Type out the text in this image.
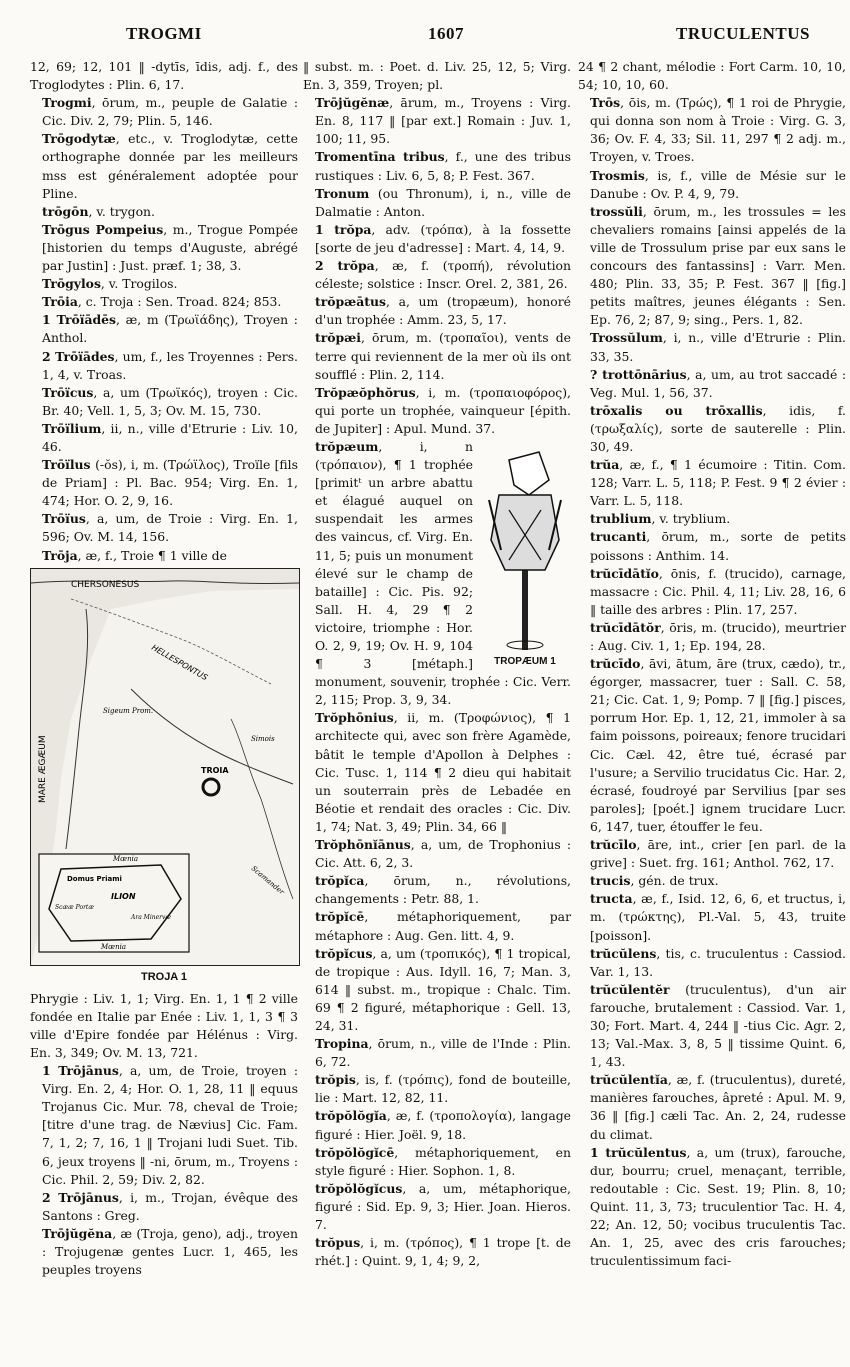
TROGMI	1607	TRUCULENTUS

12, 69; 12, 101 ‖ -dytīs, īdis, adj. f., des Troglodytes : Plin. 6, 17.

Trogmi, ōrum, m., peuple de Galatie : Cic. Div. 2, 79; Plin. 5, 146.

Trōgodytæ, etc., v. Troglodytæ, cette orthographe donnée par les meilleurs mss est généralement adoptée pour Pline.

trōgōn, v. trygon.

Trōgus Pompeius, m., Trogue Pompée [historien du temps d'Auguste, abrégé par Justin] : Just. præf. 1; 38, 3.

Trōgylos, v. Trogilos.

Trōia, c. Troja : Sen. Troad. 824; 853.

1 Trōïādēs, æ, m (Τρωϊάδης), Troyen : Anthol.

2 Trōïādes, um, f., les Troyennes : Pers. 1, 4, v. Troas.

Trōïcus, a, um (Τρωϊκός), troyen : Cic. Br. 40; Vell. 1, 5, 3; Ov. M. 15, 730.

Trōïlium, ii, n., ville d'Etrurie : Liv. 10, 46.

Trōïlus (-ŏs), i, m. (Τρώϊλος), Troïle [fils de Priam] : Pl. Bac. 954; Virg. En. 1, 474; Hor. O. 2, 9, 16.

Trōïus, a, um, de Troie : Virg. En. 1, 596; Ov. M. 14, 156.

Trōja, æ, f., Troie ¶ 1 ville de

CHERSONESUS
HELLESPONTUS
MARE ÆGÆUM
Sigeum Prom.
Simois
TROIA
Scamander
Mœnia
Domus Priami
ILION
Scææ Portæ
Ara Minervæ
Mœnia
TROJA 1

Phrygie : Liv. 1, 1; Virg. En. 1, 1 ¶ 2 ville fondée en Italie par Enée : Liv. 1, 1, 3 ¶ 3 ville d'Epire fondée par Hélénus : Virg. En. 3, 349; Ov. M. 13, 721.

1 Trōjānus, a, um, de Troie, troyen : Virg. En. 2, 4; Hor. O. 1, 28, 11 ‖ equus Trojanus Cic. Mur. 78, cheval de Troie; [titre d'une trag. de Nævius] Cic. Fam. 7, 1, 2; 7, 16, 1 ‖ Trojani ludi Suet. Tib. 6, jeux troyens ‖ -ni, ōrum, m., Troyens : Cic. Phil. 2, 59; Div. 2, 82.

2 Trōjānus, i, m., Trojan, évêque des Santons : Greg.

Trōjŭgĕna, æ (Troja, geno), adj., troyen : Trojugenæ gentes Lucr. 1, 465, les peuples troyens

‖ subst. m. : Poet. d. Liv. 25, 12, 5; Virg. En. 3, 359, Troyen; pl.

Trōjŭgĕnæ, ārum, m., Troyens : Virg. En. 8, 117 ‖ [par ext.] Romain : Juv. 1, 100; 11, 95.

Tromentīna tribus, f., une des tribus rustiques : Liv. 6, 5, 8; P. Fest. 367.

Tronum (ou Thronum), i, n., ville de Dalmatie : Anton.

1 trŏpa, adv. (τρόπα), à la fossette [sorte de jeu d'adresse] : Mart. 4, 14, 9.

2 trŏpa, æ, f. (τροπή), révolution céleste; solstice : Inscr. Orel. 2, 381, 26.

trŏpæātus, a, um (tropæum), honoré d'un trophée : Amm. 23, 5, 17.

trŏpæi, ōrum, m. (τροπαῖοι), vents de terre qui reviennent de la mer où ils ont soufflé : Plin. 2, 114.

Trŏpæŏphŏrus, i, m. (τροπαιοφόρος), qui porte un trophée, vainqueur [épith. de Jupiter] : Apul. Mund. 37.

TROPÆUM 1

trŏpæum, i, n (τρόπαιον), ¶ 1 trophée [primitᵗ un arbre abattu et élagué auquel on suspendait les armes des vaincus, cf. Virg. En. 11, 5; puis un monument élevé sur le champ de bataille] : Cic. Pis. 92; Sall. H. 4, 29 ¶ 2 victoire, triomphe : Hor. O. 2, 9, 19; Ov. H. 9, 104 ¶ 3 [métaph.] monument, souvenir, trophée : Cic. Verr. 2, 115; Prop. 3, 9, 34.

Trŏphōnius, ii, m. (Τροφώνιος), ¶ 1 architecte qui, avec son frère Agamède, bâtit le temple d'Apollon à Delphes : Cic. Tusc. 1, 114 ¶ 2 dieu qui habitait un souterrain près de Lebadée en Béotie et rendait des oracles : Cic. Div. 1, 74; Nat. 3, 49; Plin. 34, 66 ‖

Trŏphōnĭānus, a, um, de Trophonius : Cic. Att. 6, 2, 3.

trŏpĭca, ōrum, n., révolutions, changements : Petr. 88, 1.

trŏpĭcē, métaphoriquement, par métaphore : Aug. Gen. litt. 4, 9.

trŏpĭcus, a, um (τροπικός), ¶ 1 tropical, de tropique : Aus. Idyll. 16, 7; Man. 3, 614 ‖ subst. m., tropique : Chalc. Tim. 69 ¶ 2 figuré, métaphorique : Gell. 13, 24, 31.

Tropina, ōrum, n., ville de l'Inde : Plin. 6, 72.

trŏpis, is, f. (τρόπις), fond de bouteille, lie : Mart. 12, 82, 11.

trŏpŏlŏgĭa, æ, f. (τροπολογία), langage figuré : Hier. Joël. 9, 18.

trŏpŏlŏgĭcē, métaphoriquement, en style figuré : Hier. Sophon. 1, 8.

trŏpŏlŏgĭcus, a, um, métaphorique, figuré : Sid. Ep. 9, 3; Hier. Joan. Hieros. 7.

trŏpus, i, m. (τρόπος), ¶ 1 trope [t. de rhét.] : Quint. 9, 1, 4; 9, 2,

24 ¶ 2 chant, mélodie : Fort Carm. 10, 10, 54; 10, 10, 60.

Trōs, ōis, m. (Τρώς), ¶ 1 roi de Phrygie, qui donna son nom à Troie : Virg. G. 3, 36; Ov. F. 4, 33; Sil. 11, 297 ¶ 2 adj. m., Troyen, v. Troes.

Trosmis, is, f., ville de Mésie sur le Danube : Ov. P. 4, 9, 79.

trossŭli, ōrum, m., les trossules = les chevaliers romains [ainsi appelés de la ville de Trossulum prise par eux sans le concours des fantassins] : Varr. Men. 480; Plin. 33, 35; P. Fest. 367 ‖ [fig.] petits maîtres, jeunes élégants : Sen. Ep. 76, 2; 87, 9; sing., Pers. 1, 82.

Trossŭlum, i, n., ville d'Etrurie : Plin. 33, 35.

? trottōnārius, a, um, au trot saccadé : Veg. Mul. 1, 56, 37.

trōxalis ou trōxallis, idis, f. (τρωξαλίς), sorte de sauterelle : Plin. 30, 49.

trŭa, æ, f., ¶ 1 écumoire : Titin. Com. 128; Varr. L. 5, 118; P. Fest. 9 ¶ 2 évier : Varr. L. 5, 118.

trublium, v. tryblium.

trucanti, ōrum, m., sorte de petits poissons : Anthim. 14.

trŭcīdātĭo, ōnis, f. (trucido), carnage, massacre : Cic. Phil. 4, 11; Liv. 28, 16, 6 ‖ taille des arbres : Plin. 17, 257.

trŭcīdātŏr, ōris, m. (trucido), meurtrier : Aug. Civ. 1, 1; Ep. 194, 28.

trŭcīdo, āvi, ātum, āre (trux, cædo), tr., égorger, massacrer, tuer : Sall. C. 58, 21; Cic. Cat. 1, 9; Pomp. 7 ‖ [fig.] pisces, porrum Hor. Ep. 1, 12, 21, immoler à sa faim poissons, poireaux; fenore trucidari Cic. Cæl. 42, être tué, écrasé par l'usure; a Servilio trucidatus Cic. Har. 2, écrasé, foudroyé par Servilius [par ses paroles]; [poét.] ignem trucidare Lucr. 6, 147, tuer, étouffer le feu.

trŭcīlo, āre, int., crier [en parl. de la grive] : Suet. frg. 161; Anthol. 762, 17.

trucis, gén. de trux.

tructa, æ, f., Isid. 12, 6, 6, et tructus, i, m. (τρώκτης), Pl.-Val. 5, 43, truite [poisson].

trŭcŭlens, tis, c. truculentus : Cassiod. Var. 1, 13.

trŭcŭlentĕr (truculentus), d'un air farouche, brutalement : Cassiod. Var. 1, 30; Fort. Mart. 4, 244 ‖ -tius Cic. Agr. 2, 13; Val.-Max. 3, 8, 5 ‖ tissime Quint. 6, 1, 43.

trŭcŭlentĭa, æ, f. (truculentus), dureté, manières farouches, âpreté : Apul. M. 9, 36 ‖ [fig.] cæli Tac. An. 2, 24, rudesse du climat.

1 trŭcŭlentus, a, um (trux), farouche, dur, bourru; cruel, menaçant, terrible, redoutable : Cic. Sest. 19; Plin. 8, 10; Quint. 11, 3, 73; truculentior Tac. H. 4, 22; An. 12, 50; vocibus truculentis Tac. An. 1, 25, avec des cris farouches; truculentissimum faci-
